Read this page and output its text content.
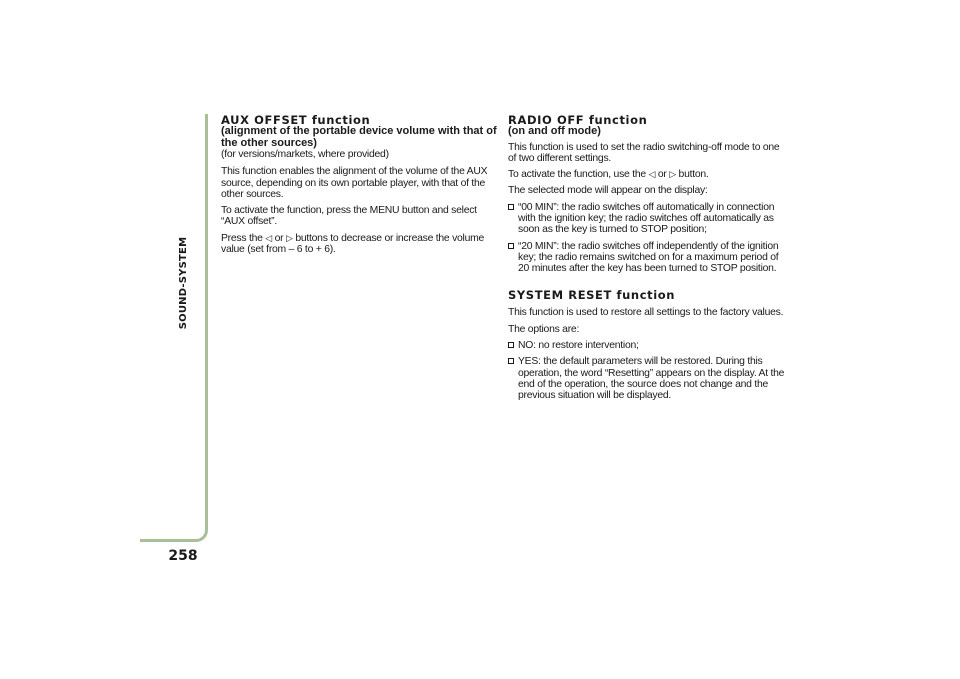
SOUND-SYSTEM
258

AUX OFFSET function

(alignment of the portable device volume with that of the other sources)

(for versions/markets, where provided)

This function enables the alignment of the volume of the AUX source, depending on its own portable player, with that of the other sources.

To activate the function, press the MENU button and select “AUX offset”.

Press the ◁ or ▷ buttons to decrease or increase the volume value (set from – 6 to + 6).

RADIO OFF function

(on and off mode)

This function is used to set the radio switching-off mode to one of two different settings.

To activate the function, use the ◁ or ▷ button.

The selected mode will appear on the display:

“00 MIN”: the radio switches off automatically in connection with the ignition key; the radio switches off automatically as soon as the key is turned to STOP position;

“20 MIN”: the radio switches off independently of the ignition key; the radio remains switched on for a maximum period of 20 minutes after the key has been turned to STOP position.

SYSTEM RESET function

This function is used to restore all settings to the factory values.

The options are:

NO: no restore intervention;

YES: the default parameters will be restored. During this operation, the word “Resetting” appears on the display. At the end of the operation, the source does not change and the previous situation will be displayed.
